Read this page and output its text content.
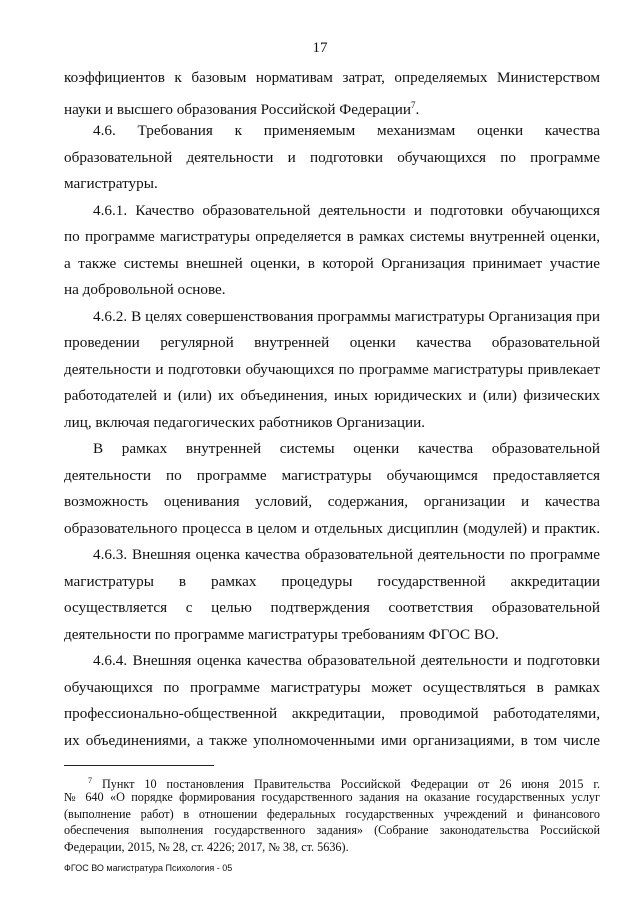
17
коэффициентов к базовым нормативам затрат, определяемых Министерством
науки и высшего образования Российской Федерации$^7$.
4.6. Требования к применяемым механизмам оценки качества
образовательной деятельности и подготовки обучающихся по программе
магистратуры.
4.6.1. Качество образовательной деятельности и подготовки обучающихся
по программе магистратуры определяется в рамках системы внутренней оценки,
а также системы внешней оценки, в которой Организация принимает участие
на добровольной основе.
4.6.2. В целях совершенствования программы магистратуры Организация при
проведении регулярной внутренней оценки качества образовательной
деятельности и подготовки обучающихся по программе магистратуры привлекает
работодателей и (или) их объединения, иных юридических и (или) физических
лиц, включая педагогических работников Организации.
В рамках внутренней системы оценки качества образовательной
деятельности по программе магистратуры обучающимся предоставляется
возможность оценивания условий, содержания, организации и качества
образовательного процесса в целом и отдельных дисциплин (модулей) и практик.
4.6.3. Внешняя оценка качества образовательной деятельности по программе
магистратуры в рамках процедуры государственной аккредитации
осуществляется с целью подтверждения соответствия образовательной
деятельности по программе магистратуры требованиям ФГОС ВО.
4.6.4. Внешняя оценка качества образовательной деятельности и подготовки
обучающихся по программе магистратуры может осуществляться в рамках
профессионально-общественной аккредитации, проводимой работодателями,
их объединениями, а также уполномоченными ими организациями, в том числе
$^7$ Пункт 10 постановления Правительства Российской Федерации от 26 июня 2015 г.
№ 640 «О порядке формирования государственного задания на оказание государственных услуг
(выполнение работ) в отношении федеральных государственных учреждений и финансового
обеспечения выполнения государственного задания» (Собрание законодательства Российской
Федерации, 2015, № 28, ст. 4226; 2017, № 38, ст. 5636).
ФГОС ВО магистратура Психология - 05
